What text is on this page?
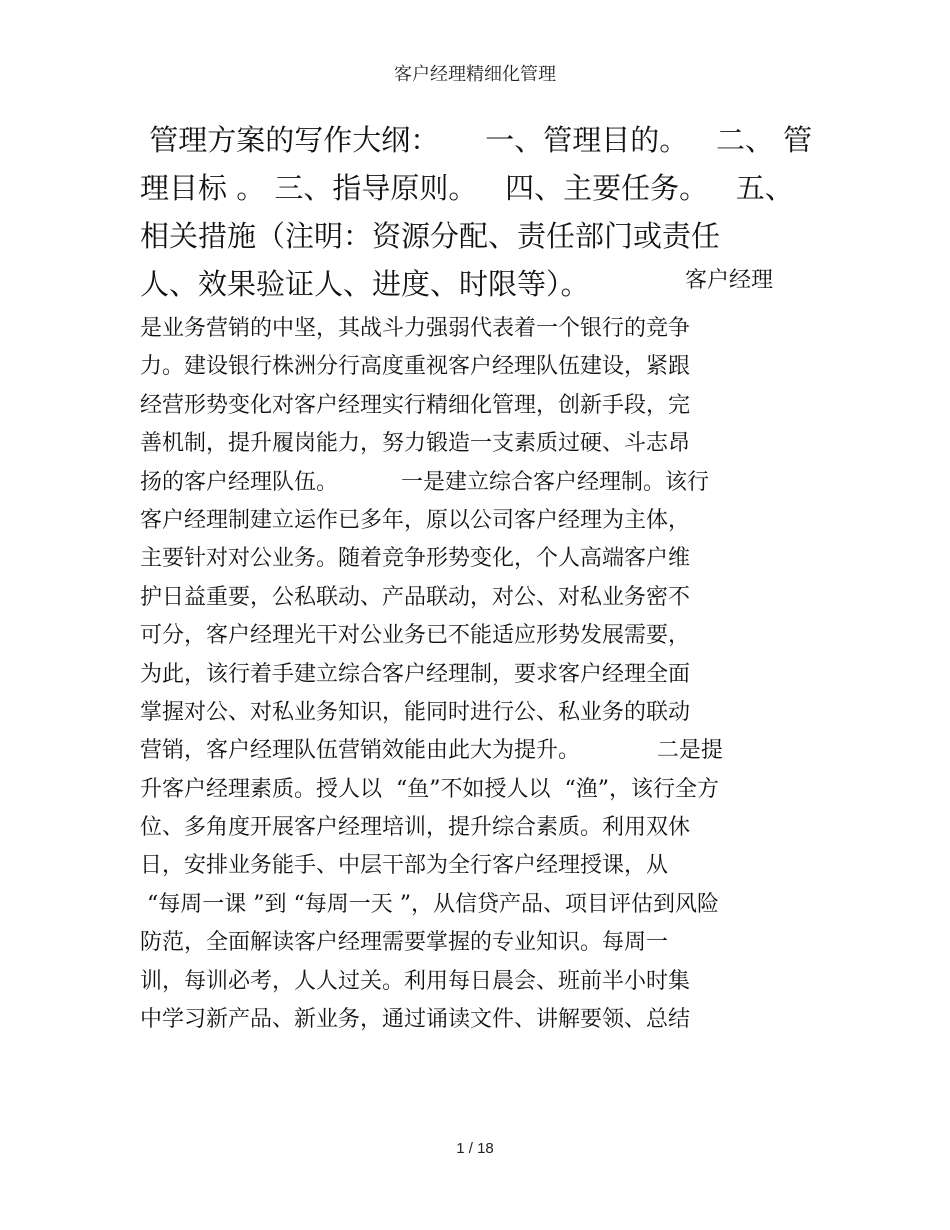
客户经理精细化管理
管理方案的写作大纲：     一、管理目的。   二、 管
理目标 。 三、指导原则。   四、主要任务。   五、
相关措施（注明：资源分配、责任部门或责任
人、效果验证人、进度、时限等）。	客户经理
是业务营销的中坚，其战斗力强弱代表着一个银行的竞争
力。建设银行株洲分行高度重视客户经理队伍建设，紧跟
经营形势变化对客户经理实行精细化管理，创新手段，完
善机制，提升履岗能力，努力锻造一支素质过硬、斗志昂
扬的客户经理队伍。         一是建立综合客户经理制。该行
客户经理制建立运作已多年，原以公司客户经理为主体，
主要针对对公业务。随着竞争形势变化，个人高端客户维
护日益重要，公私联动、产品联动，对公、对私业务密不
可分，客户经理光干对公业务已不能适应形势发展需要，
为此，该行着手建立综合客户经理制，要求客户经理全面
掌握对公、对私业务知识，能同时进行公、私业务的联动
营销，客户经理队伍营销效能由此大为提升。           二是提
升客户经理素质。授人以  “鱼”不如授人以  “渔”，该行全方
位、多角度开展客户经理培训，提升综合素质。利用双休
日，安排业务能手、中层干部为全行客户经理授课，从
“每周一课 ”到 “每周一天 ”，从信贷产品、项目评估到风险
防范，全面解读客户经理需要掌握的专业知识。每周一
训，每训必考，人人过关。利用每日晨会、班前半小时集
中学习新产品、新业务，通过诵读文件、讲解要领、总结
1 / 18
